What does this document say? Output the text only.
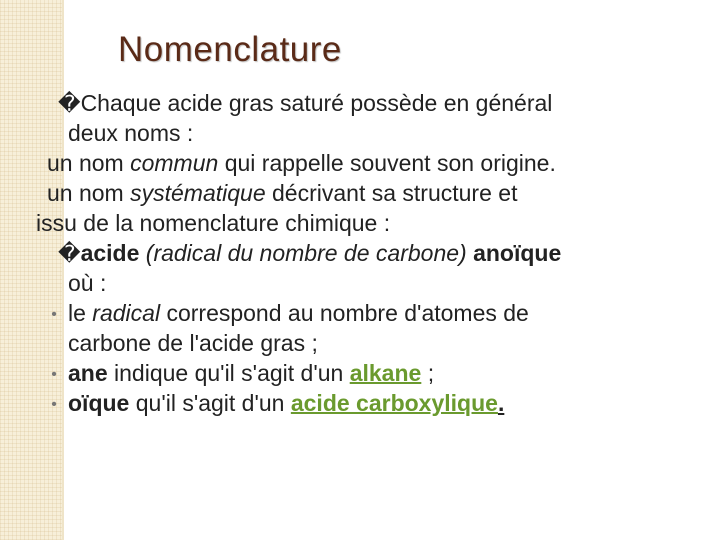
Nomenclature
�Chaque acide gras saturé possède en général
deux noms :
un nom commun qui rappelle souvent son origine.
un nom systématique décrivant sa structure et
issu de la nomenclature chimique :
�acide (radical du nombre de carbone) anoïque
où :
• le radical correspond au nombre d'atomes de
carbone de l'acide gras ;
• ane indique qu'il s'agit d'un alkane ;
• oïque qu'il s'agit d'un acide carboxylique.
